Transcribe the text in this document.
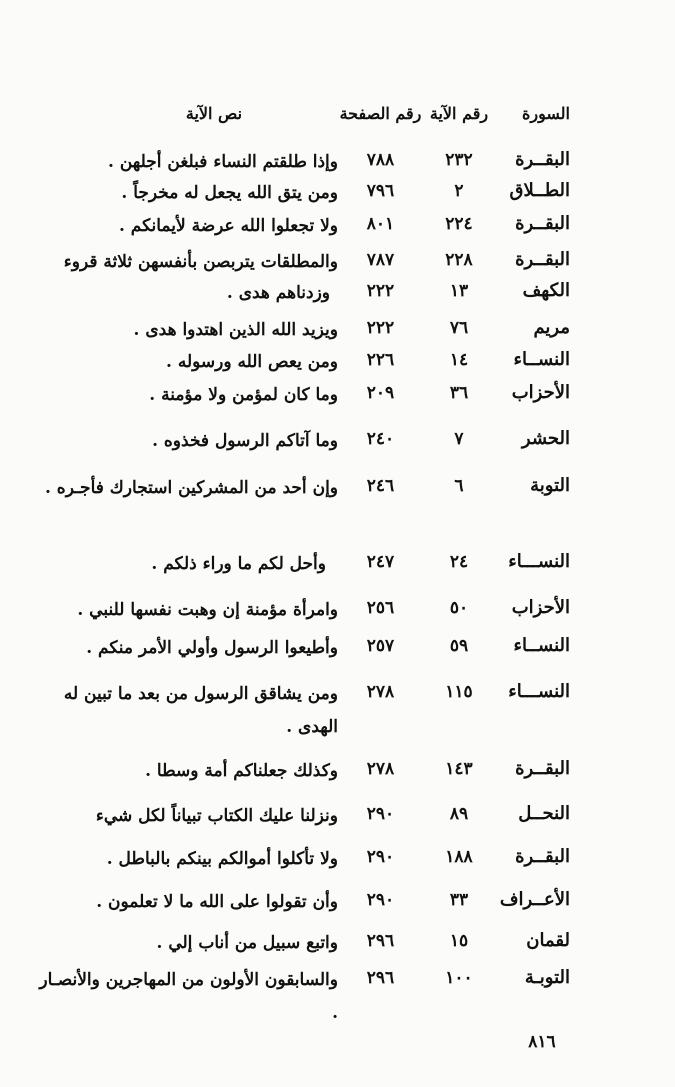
السورة
رقم الآية
رقم الصفحة
نص الآية
البقــرة
٢٣٢
٧٨٨
وإذا طلقتم النساء فبلغن أجلهن .
الطــلاق
٢
٧٩٦
ومن يتق الله يجعل له مخرجاً .
البقــرة
٢٢٤
٨٠١
ولا تجعلوا الله عرضة لأيمانكم .
البقــرة
٢٢٨
٧٨٧
والمطلقات يتربصن بأنفسهن ثلاثة قروء
الكهف
١٣
٢٢٢
وزدناهم هدى .
مريم
٧٦
٢٢٢
ويزيد الله الذين اهتدوا هدى .
النســاء
١٤
٢٢٦
ومن يعص الله ورسوله .
الأحزاب
٣٦
٢٠٩
وما كان لمؤمن ولا مؤمنة .
الحشر
٧
٢٤٠
وما آتاكم الرسول فخذوه .
التوبة
٦
٢٤٦
وإن أحد من المشركين استجارك فأجـره .
النســـاء
٢٤
٢٤٧
وأحل لكم ما وراء ذلكم .
الأحزاب
٥٠
٢٥٦
وامرأة مؤمنة إن وهبت نفسها للنبي .
النســاء
٥٩
٢٥٧
وأطيعوا الرسول وأولي الأمر منكم .
النســـاء
١١٥
٢٧٨
ومن يشاقق الرسول من بعد ما تبين له الهدى .
البقــرة
١٤٣
٢٧٨
وكذلك جعلناكم أمة وسطا .
النحــل
٨٩
٢٩٠
ونزلنا عليك الكتاب تبياناً لكل شيء
البقــرة
١٨٨
٢٩٠
ولا تأكلوا أموالكم بينكم بالباطل .
الأعــراف
٣٣
٢٩٠
وأن تقولوا على الله ما لا تعلمون .
لقمان
١٥
٢٩٦
واتبع سبيل من أناب إلي .
التوبـة
١٠٠
٢٩٦
والسابقون الأولون من المهاجرين والأنصـار .
٨١٦
